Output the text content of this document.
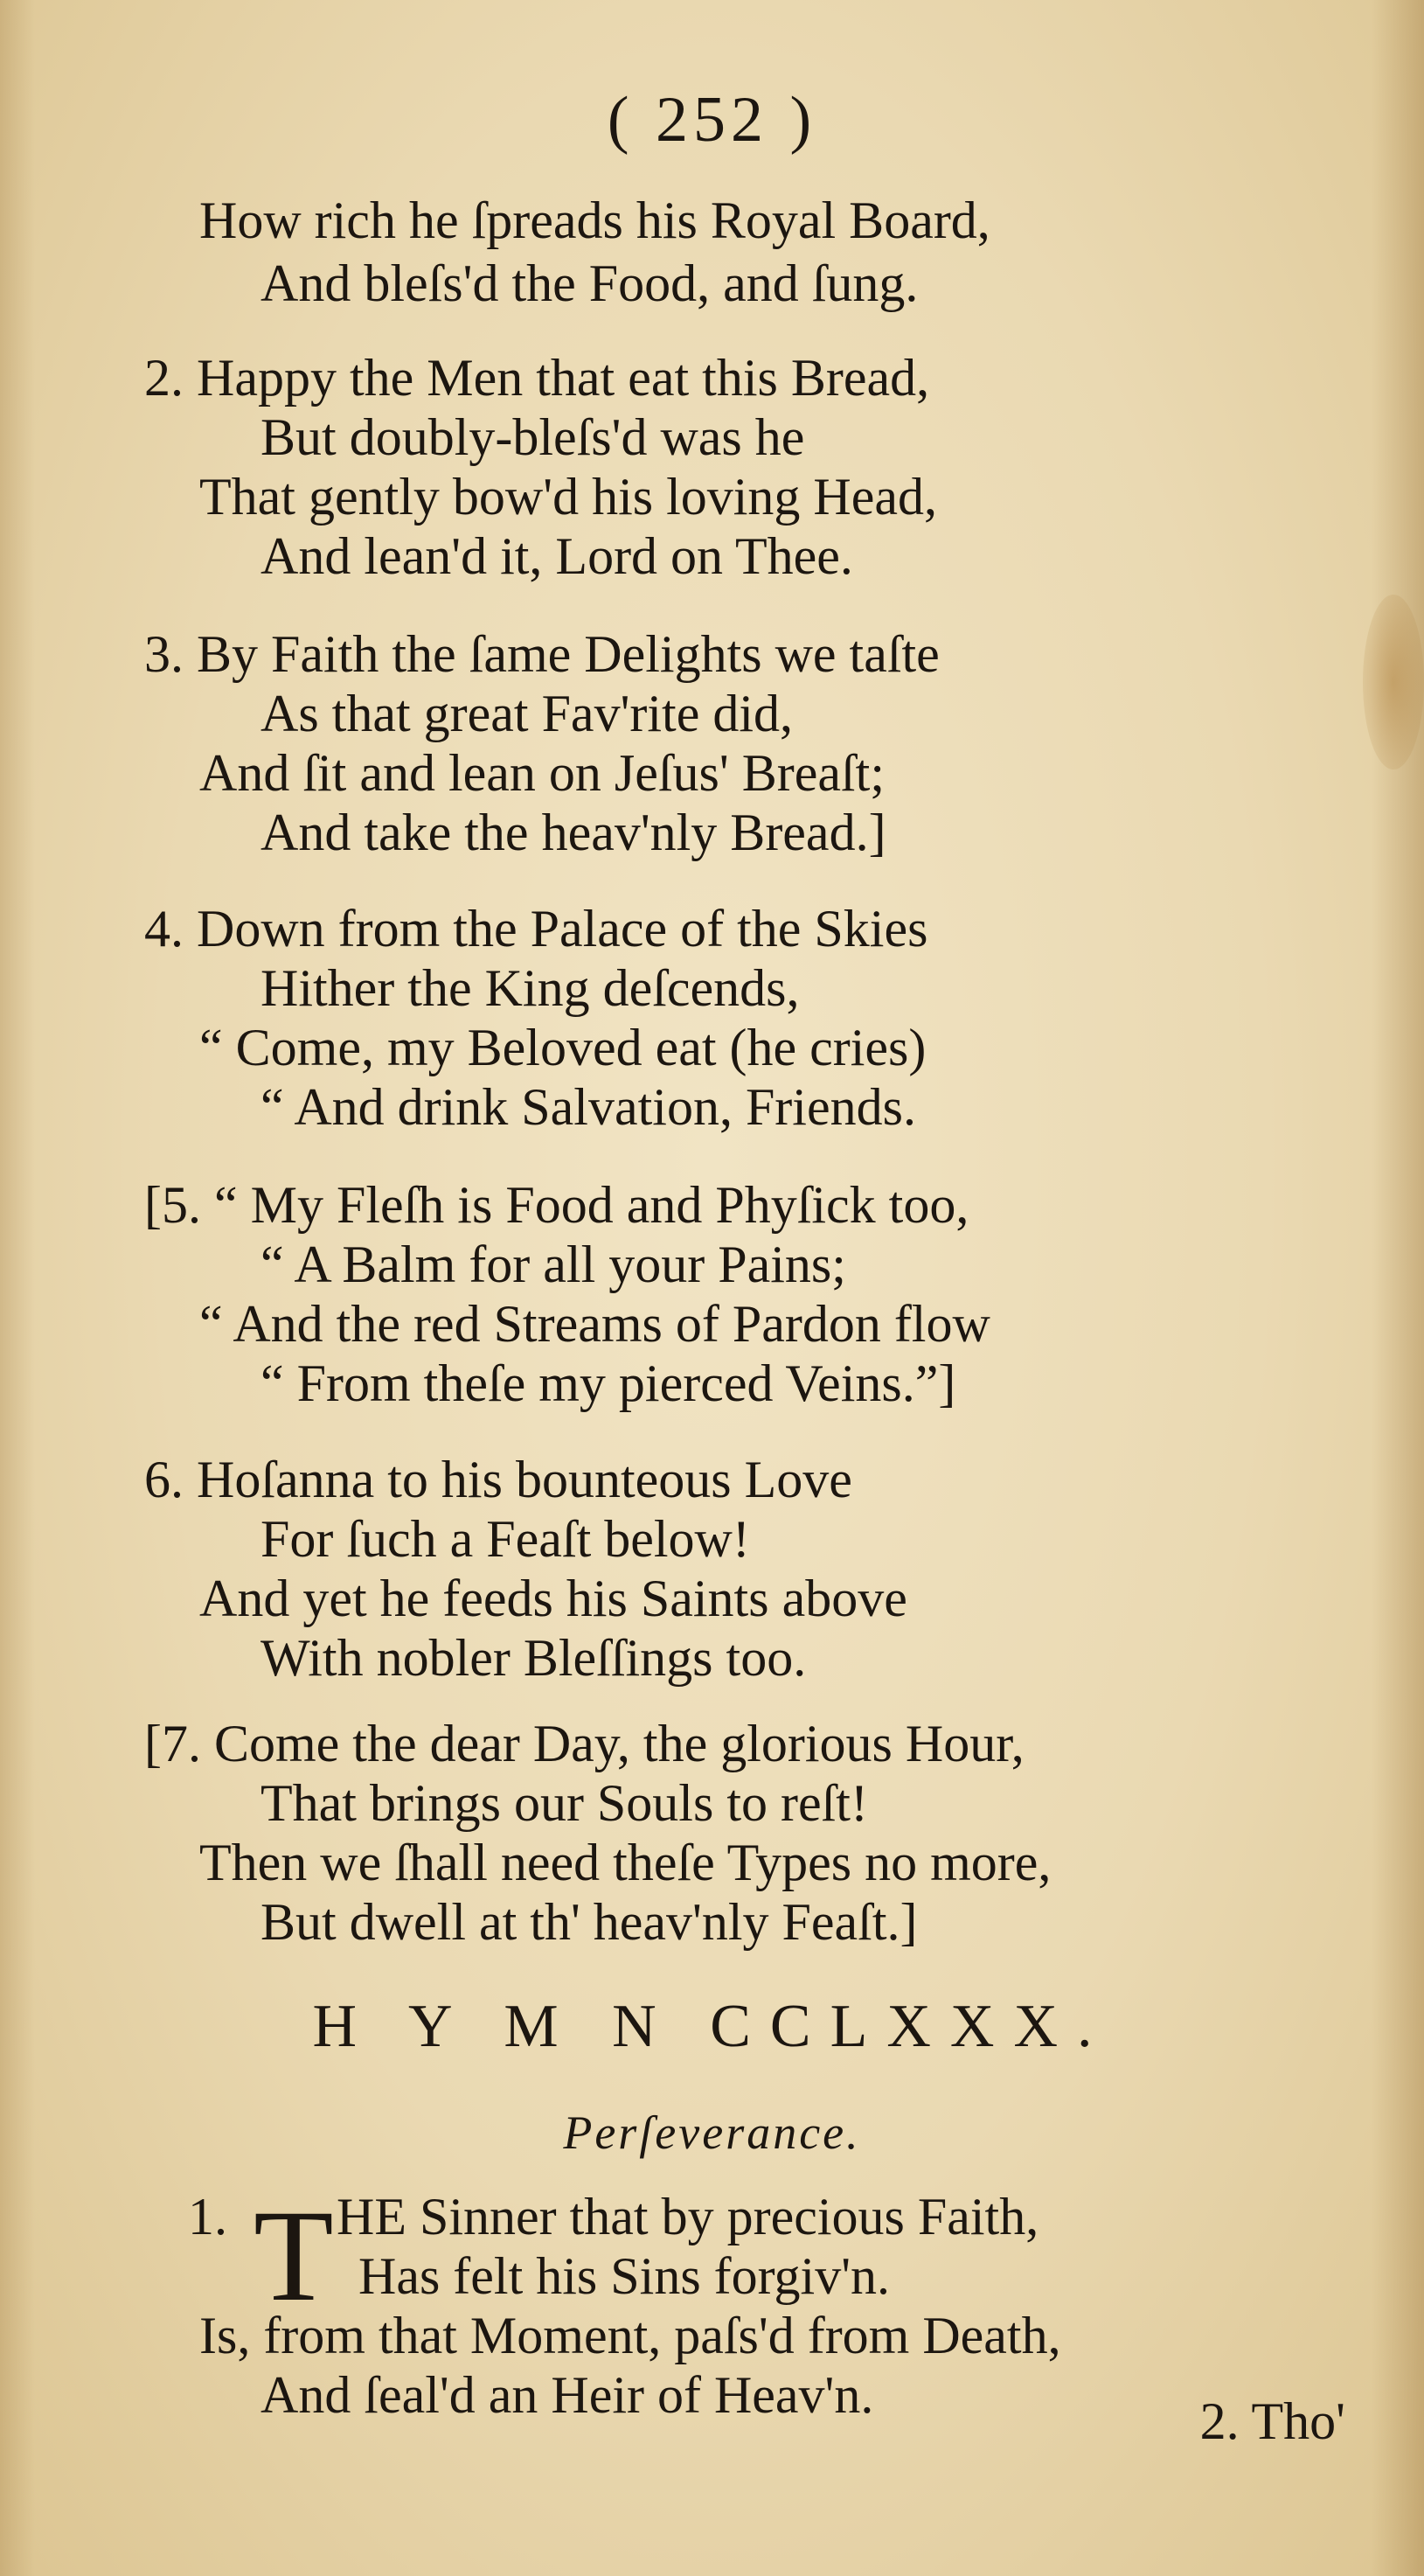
( 252 )
How rich he ſpreads his Royal Board,
And bleſs'd the Food, and ſung.
2. Happy the Men that eat this Bread,
But doubly-bleſs'd was he
That gently bow'd his loving Head,
And lean'd it, Lord on Thee.
3. By Faith the ſame Delights we taſte
As that great Fav'rite did,
And ſit and lean on Jeſus' Breaſt;
And take the heav'nly Bread.]
4. Down from the Palace of the Skies
Hither the King deſcends,
“ Come, my Beloved eat (he cries)
“ And drink Salvation, Friends.
[5. “ My Fleſh is Food and Phyſick too,
“ A Balm for all your Pains;
“ And the red Streams of Pardon flow
“ From theſe my pierced Veins.”]
6. Hoſanna to his bounteous Love
For ſuch a Feaſt below!
And yet he feeds his Saints above
With nobler Bleſſings too.
[7. Come the dear Day, the glorious Hour,
That brings our Souls to reſt!
Then we ſhall need theſe Types no more,
But dwell at th' heav'nly Feaſt.]
H Y M N CCLXXX.
Perſeverance.
1. T HE Sinner that by precious Faith,
Has felt his Sins forgiv'n.
Is, from that Moment, paſs'd from Death,
And ſeal'd an Heir of Heav'n.	2. Tho'
